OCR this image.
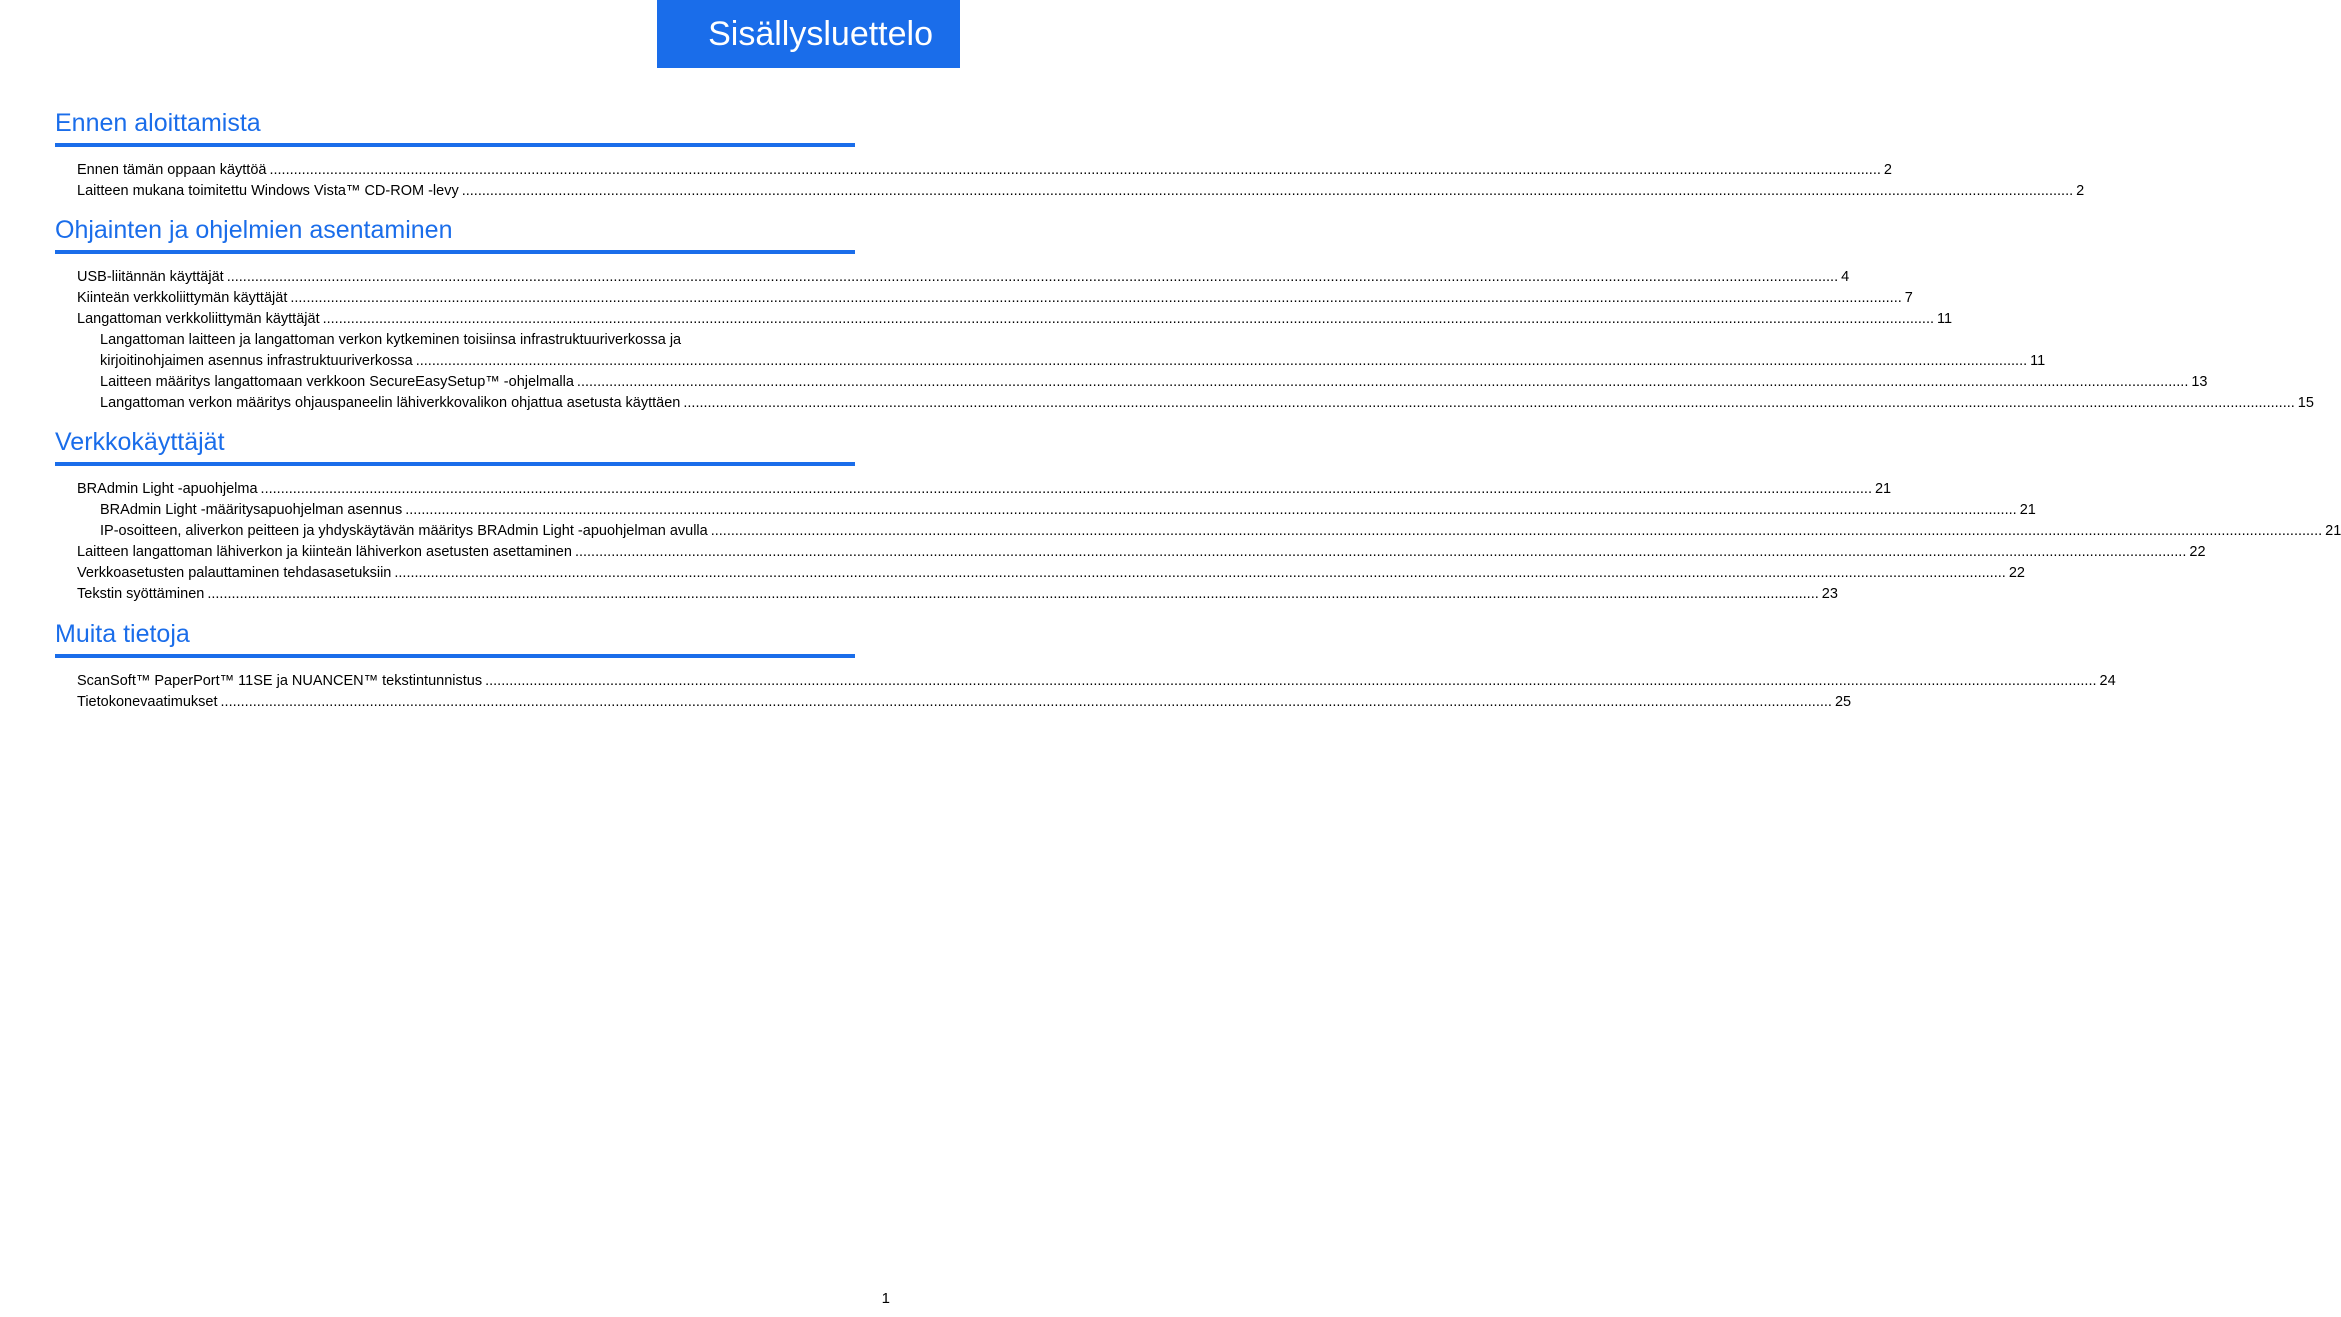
Sisällysluettelo
Ennen aloittamista
Ennen tämän oppaan käyttöä ................................................................................................................................................................................................................................................................................................................................................................................................................ 2
Laitteen mukana toimitettu Windows Vista™ CD-ROM -levy ................................................................................................................................................................................................................................................................................................................................................................................................................ 2
Ohjainten ja ohjelmien asentaminen
USB-liitännän käyttäjät ................................................................................................................................................................................................................................................................................................................................................................................................................ 4
Kiinteän verkkoliittymän käyttäjät ................................................................................................................................................................................................................................................................................................................................................................................................................ 7
Langattoman verkkoliittymän käyttäjät ................................................................................................................................................................................................................................................................................................................................................................................................................ 11
Langattoman laitteen ja langattoman verkon kytkeminen toisiinsa infrastruktuuriverkossa ja
kirjoitinohjaimen asennus infrastruktuuriverkossa ................................................................................................................................................................................................................................................................................................................................................................................................................ 11
Laitteen määritys langattomaan verkkoon SecureEasySetup™ -ohjelmalla ................................................................................................................................................................................................................................................................................................................................................................................................................ 13
Langattoman verkon määritys ohjauspaneelin lähiverkkovalikon ohjattua asetusta käyttäen ................................................................................................................................................................................................................................................................................................................................................................................................................ 15
Verkkokäyttäjät
BRAdmin Light -apuohjelma ................................................................................................................................................................................................................................................................................................................................................................................................................ 21
BRAdmin Light -määritysapuohjelman asennus ................................................................................................................................................................................................................................................................................................................................................................................................................ 21
IP-osoitteen, aliverkon peitteen ja yhdyskäytävän määritys BRAdmin Light -apuohjelman avulla ................................................................................................................................................................................................................................................................................................................................................................................................................ 21
Laitteen langattoman lähiverkon ja kiinteän lähiverkon asetusten asettaminen ................................................................................................................................................................................................................................................................................................................................................................................................................ 22
Verkkoasetusten palauttaminen tehdasasetuksiin ................................................................................................................................................................................................................................................................................................................................................................................................................ 22
Tekstin syöttäminen ................................................................................................................................................................................................................................................................................................................................................................................................................ 23
Muita tietoja
ScanSoft™ PaperPort™ 11SE ja NUANCEN™ tekstintunnistus ................................................................................................................................................................................................................................................................................................................................................................................................................ 24
Tietokonevaatimukset ................................................................................................................................................................................................................................................................................................................................................................................................................ 25
1
